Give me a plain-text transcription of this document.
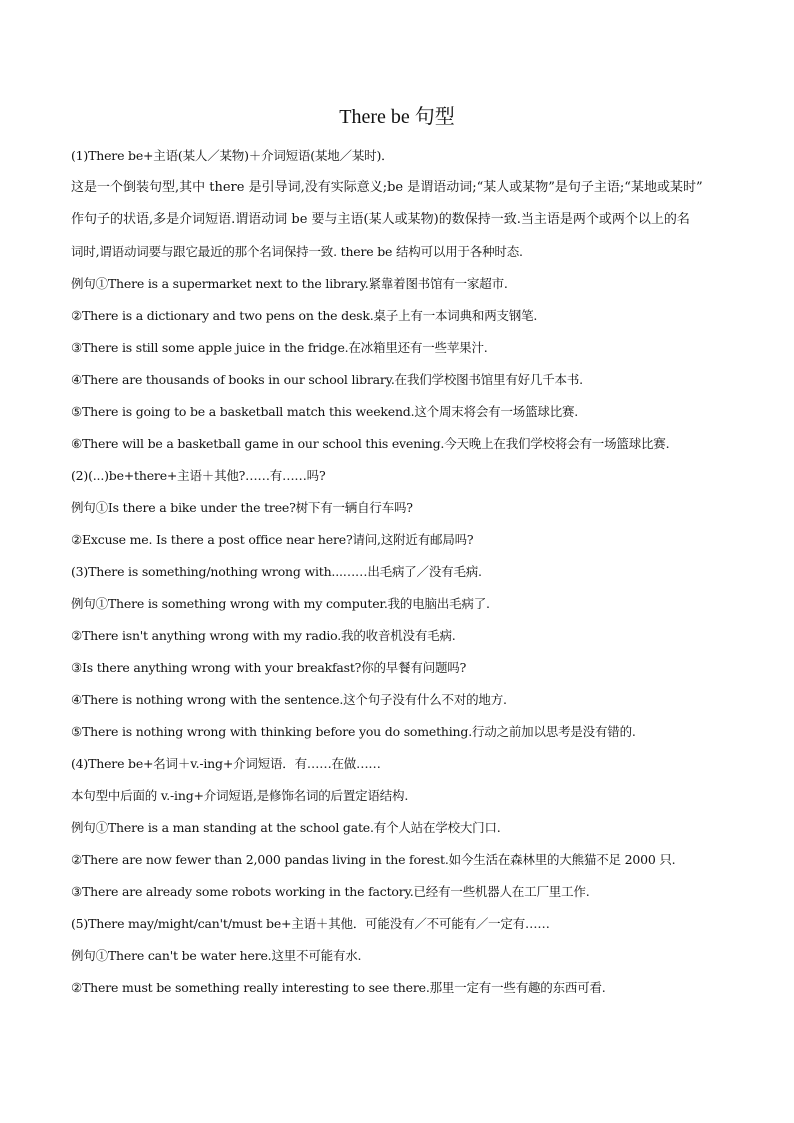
There be 句型
(1)There be+主语(某人／某物)＋介词短语(某地／某时)．
这是一个倒装句型,其中 there 是引导词,没有实际意义;be 是谓语动词;“某人或某物”是句子主语;“某地或某时”
作句子的状语,多是介词短语.谓语动词 be 要与主语(某人或某物)的数保持一致.当主语是两个或两个以上的名
词时,谓语动词要与跟它最近的那个名词保持一致. there be 结构可以用于各种时态.
例句①There is a supermarket next to the library.紧靠着图书馆有一家超市.
②There is a dictionary and two pens on the desk.桌子上有一本词典和两支钢笔.
③There is still some apple juice in the fridge.在冰箱里还有一些苹果汁.
④There are thousands of books in our school library.在我们学校图书馆里有好几千本书.
⑤There is going to be a basketball match this weekend.这个周末将会有一场篮球比赛.
⑥There will be a basketball game in our school this evening.今天晚上在我们学校将会有一场篮球比赛.
(2)(...)be+there+主语＋其他?……有……吗?
例句①Is there a bike under the tree?树下有一辆自行车吗?
②Excuse me. Is there a post office near here?请问,这附近有邮局吗?
(3)There is something/nothing wrong with...……出毛病了／没有毛病.
例句①There is something wrong with my computer.我的电脑出毛病了.
②There isn't anything wrong with my radio.我的收音机没有毛病.
③Is there anything wrong with your breakfast?你的早餐有问题吗?
④There is nothing wrong with the sentence.这个句子没有什么不对的地方.
⑤There is nothing wrong with thinking before you do something.行动之前加以思考是没有错的.
(4)There be+名词＋v.-ing+介词短语．有……在做……
本句型中后面的 v.-ing+介词短语,是修饰名词的后置定语结构.
例句①There is a man standing at the school gate.有个人站在学校大门口.
②There are now fewer than 2,000 pandas living in the forest.如今生活在森林里的大熊猫不足 2000 只.
③There are already some robots working in the factory.已经有一些机器人在工厂里工作.
(5)There may/might/can't/must be+主语＋其他．可能没有／不可能有／一定有……
例句①There can't be water here.这里不可能有水.
②There must be something really interesting to see there.那里一定有一些有趣的东西可看.
